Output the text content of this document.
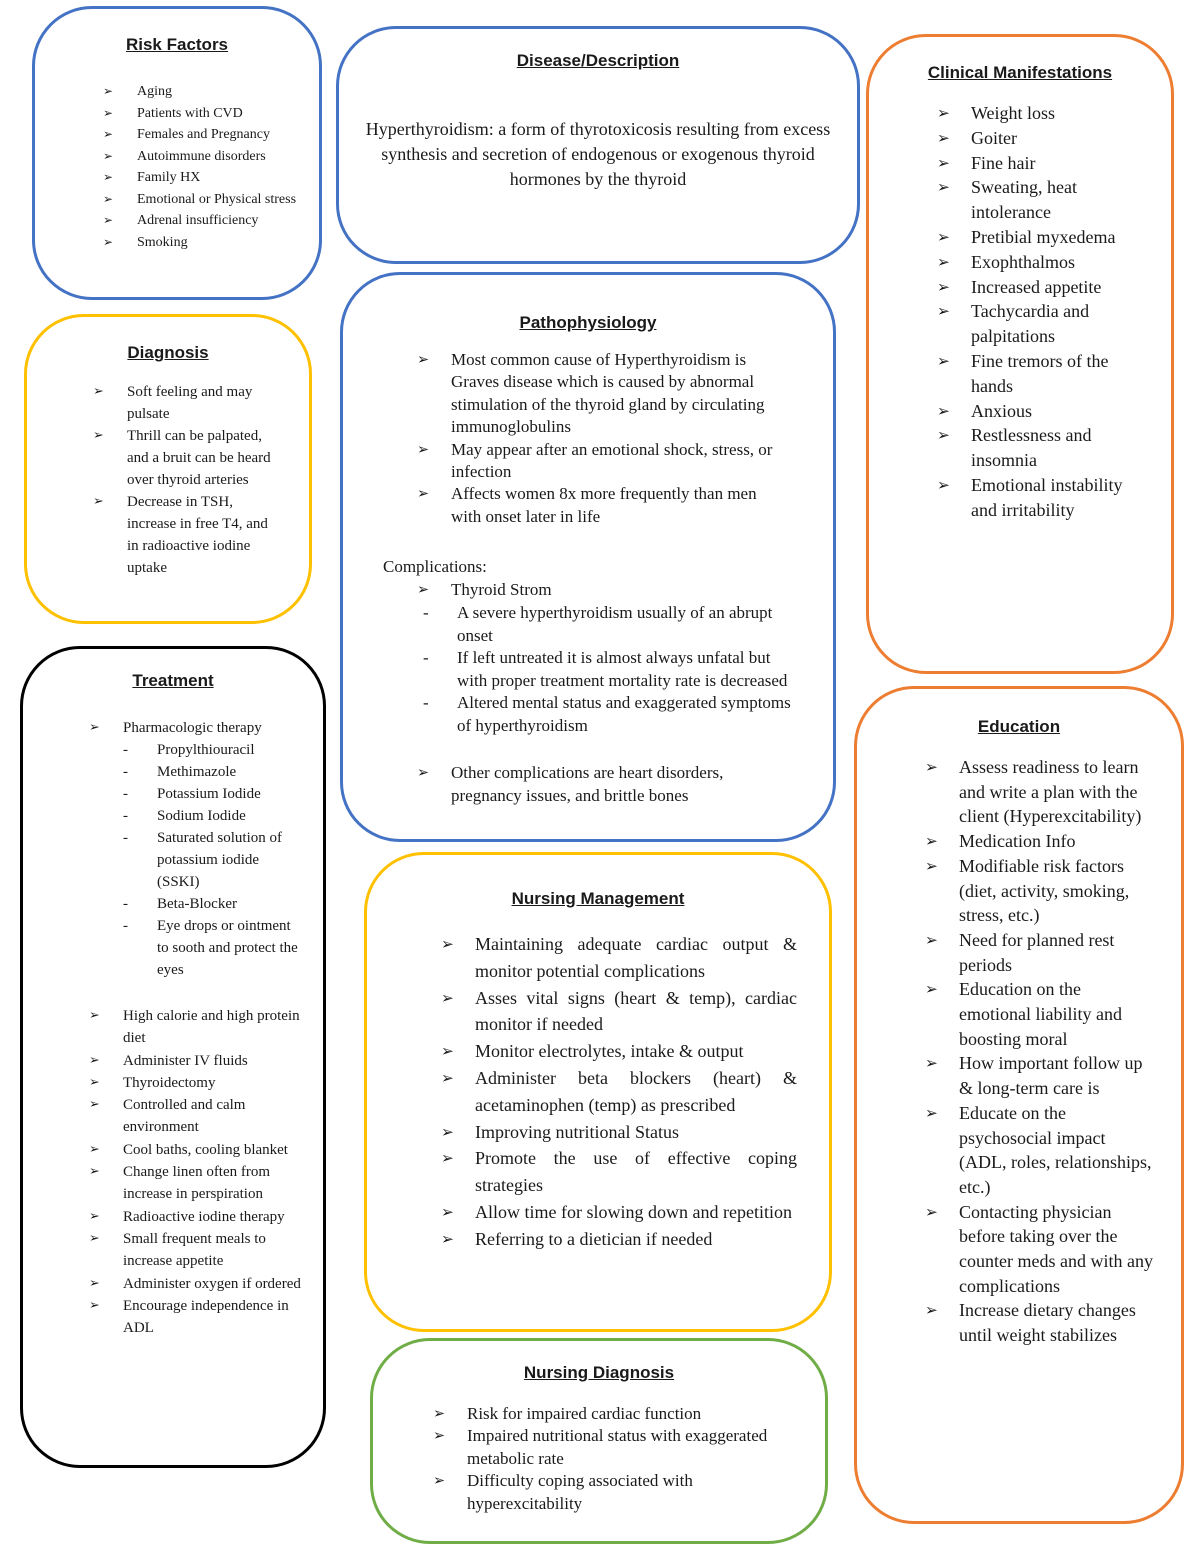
Risk Factors
➢ Aging
➢ Patients with CVD
➢ Females and Pregnancy
➢ Autoimmune disorders
➢ Family HX
➢ Emotional or Physical stress
➢ Adrenal insufficiency
➢ Smoking
Disease/Description
Hyperthyroidism: a form of thyrotoxicosis resulting from excess synthesis and secretion of endogenous or exogenous thyroid hormones by the thyroid
Clinical Manifestations
➢ Weight loss
➢ Goiter
➢ Fine hair
➢ Sweating, heat intolerance
➢ Pretibial myxedema
➢ Exophthalmos
➢ Increased appetite
➢ Tachycardia and palpitations
➢ Fine tremors of the hands
➢ Anxious
➢ Restlessness and insomnia
➢ Emotional instability and irritability
Diagnosis
➢ Soft feeling and may pulsate
➢ Thrill can be palpated, and a bruit can be heard over thyroid arteries
➢ Decrease in TSH, increase in free T4, and in radioactive iodine uptake
Pathophysiology
➢ Most common cause of Hyperthyroidism is Graves disease which is caused by abnormal stimulation of the thyroid gland by circulating immunoglobulins
➢ May appear after an emotional shock, stress, or infection
➢ Affects women 8x more frequently than men with onset later in life
Complications:
➢ Thyroid Strom
- A severe hyperthyroidism usually of an abrupt onset
- If left untreated it is almost always unfatal but with proper treatment mortality rate is decreased
- Altered mental status and exaggerated symptoms of hyperthyroidism
➢ Other complications are heart disorders, pregnancy issues, and brittle bones
Treatment
➢ Pharmacologic therapy
- Propylthiouracil
- Methimazole
- Potassium Iodide
- Sodium Iodide
- Saturated solution of potassium iodide (SSKI)
- Beta-Blocker
- Eye drops or ointment to sooth and protect the eyes
➢ High calorie and high protein diet
➢ Administer IV fluids
➢ Thyroidectomy
➢ Controlled and calm environment
➢ Cool baths, cooling blanket
➢ Change linen often from increase in perspiration
➢ Radioactive iodine therapy
➢ Small frequent meals to increase appetite
➢ Administer oxygen if ordered
➢ Encourage independence in ADL
Nursing Management
➢ Maintaining adequate cardiac output & monitor potential complications
➢ Asses vital signs (heart & temp), cardiac monitor if needed
➢ Monitor electrolytes, intake & output
➢ Administer beta blockers (heart) & acetaminophen (temp) as prescribed
➢ Improving nutritional Status
➢ Promote the use of effective coping strategies
➢ Allow time for slowing down and repetition
➢ Referring to a dietician if needed
Education
➢ Assess readiness to learn and write a plan with the client (Hyperexcitability)
➢ Medication Info
➢ Modifiable risk factors (diet, activity, smoking, stress, etc.)
➢ Need for planned rest periods
➢ Education on the emotional liability and boosting moral
➢ How important follow up & long-term care is
➢ Educate on the psychosocial impact (ADL, roles, relationships, etc.)
➢ Contacting physician before taking over the counter meds and with any complications
➢ Increase dietary changes until weight stabilizes
Nursing Diagnosis
➢ Risk for impaired cardiac function
➢ Impaired nutritional status with exaggerated metabolic rate
➢ Difficulty coping associated with hyperexcitability
